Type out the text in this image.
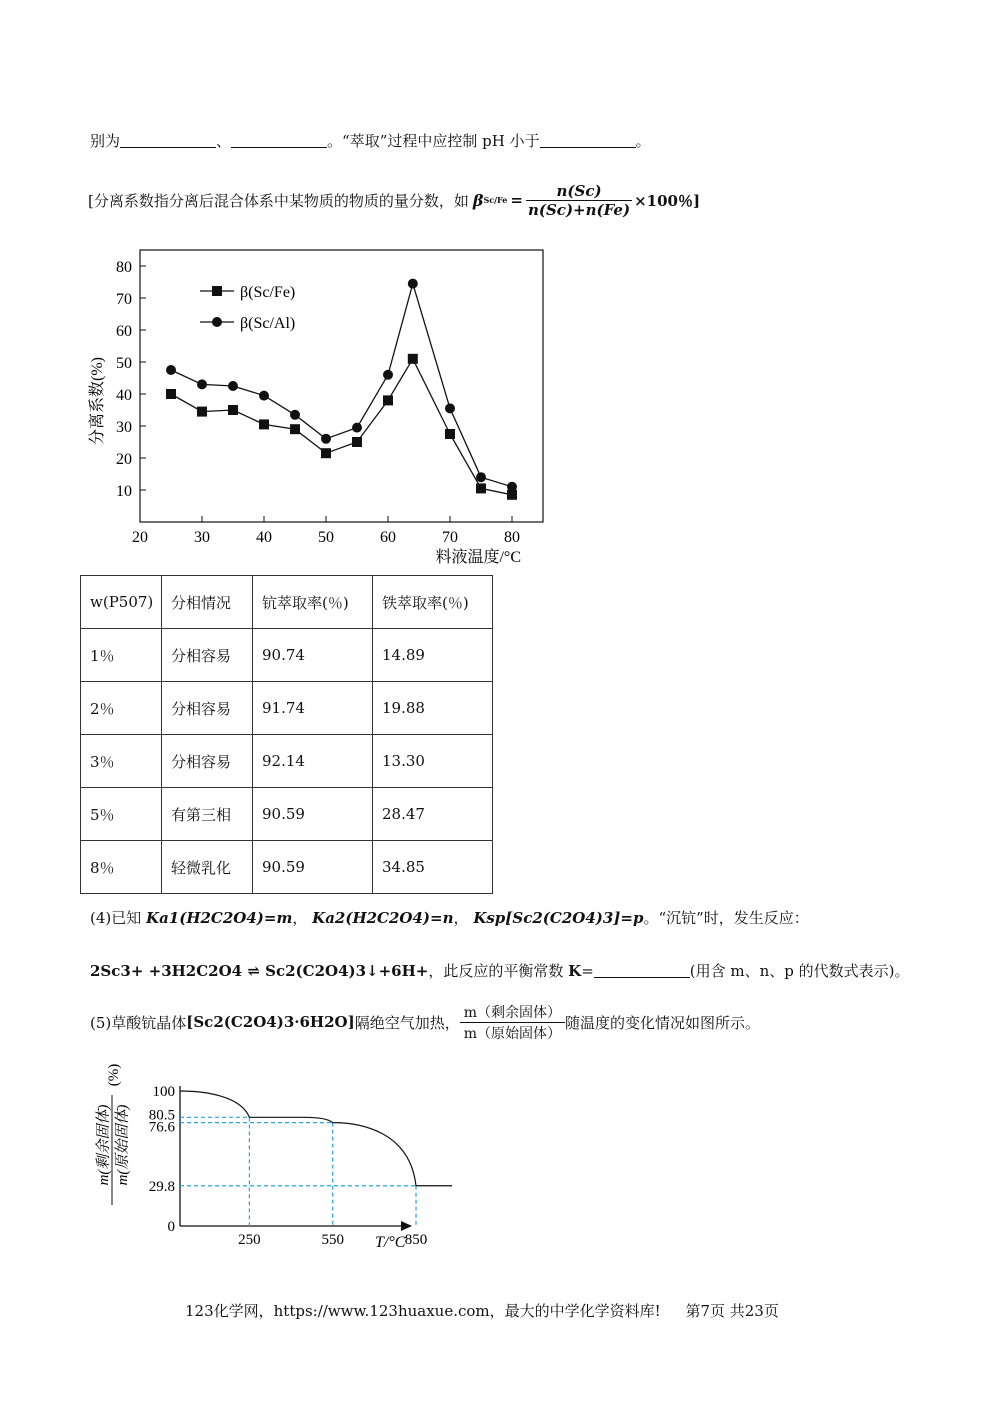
别为	、	。“萃取”过程中应控制 pH 小于	。
[分离系数指分离后混合体系中某物质的物质的量分数，如 β $Sc/Fe = \frac{n(Sc)}{n(Sc)+n(Fe)} \times 100$％]
20	30	40	50	60	70	80
10
20
30
40
50
60
70
80
β(Sc/Fe)
β(Sc/Al)
料液温度/°C
分离系数(%)
w(P507)	分相情况	钪萃取率(％)	铁萃取率(％)
1％	分相容易	90.74	14.89
2％	分相容易	91.74	19.88
3％	分相容易	92.14	13.30
5％	有第三相	90.59	28.47
8％	轻微乳化	90.59	34.85
(4)已知 Ka1(H2C2O4)=m， Ka2(H2C2O4)=n， Ksp[Sc2(C2O4)3]=p。“沉钪”时，发生反应：
2Sc3+ +3H2C2O4 ⇌ Sc2(C2O4)3↓+6H+，此反应的平衡常数 K=	(用含 m、n、p 的代数式表示)。
(5)草酸钪晶体 [Sc2(C2O4)3·6H2O] 隔绝空气加热， $\frac{\text{m（剩余固体）}}{\text{m（原始固体）}}$ 随温度的变化情况如图所示。
250	550	850
0
29.8
76.6
80.5
100
m(剩余固体) m(原始固体)
(%)
T/°C
123化学网，https://www.123huaxue.com，最大的中学化学资料库! 第7页 共23页
